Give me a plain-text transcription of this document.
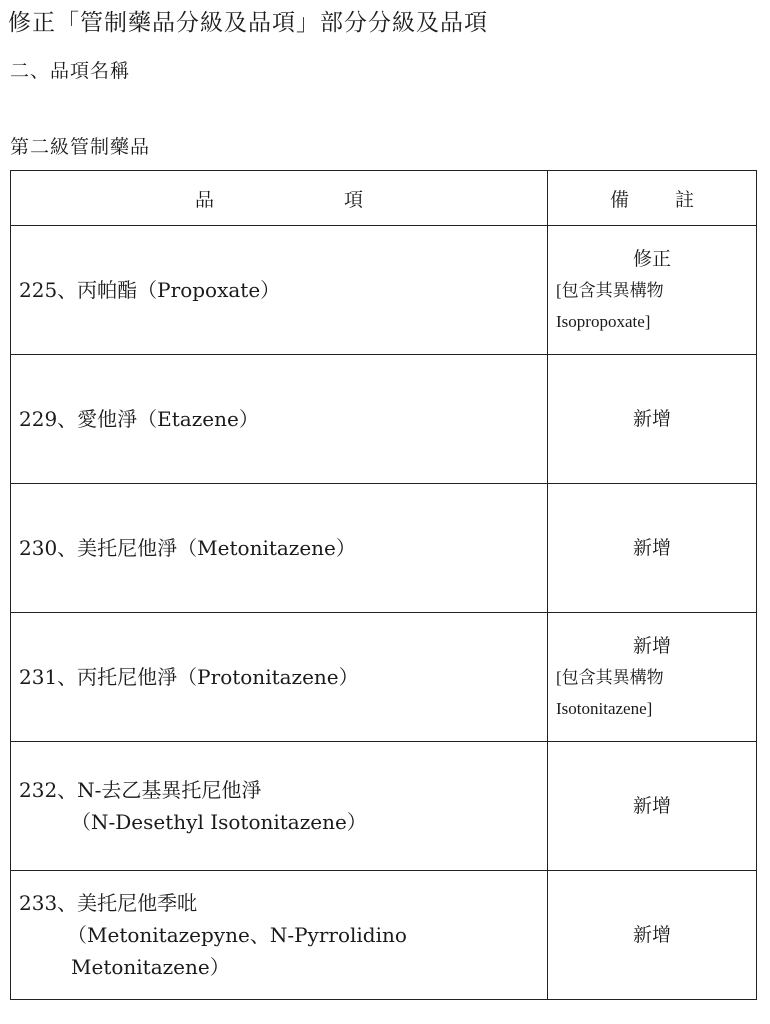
修正「管制藥品分級及品項」部分分級及品項
二、品項名稱
第二級管制藥品
品 項	備 註

225、丙帕酯（Propoxate）	修正
[包含其異構物
Isopropoxate]

229、愛他淨（Etazene）	新增

230、美托尼他淨（Metonitazene）	新增

231、丙托尼他淨（Protonitazene）	新增
[包含其異構物
Isotonitazene]

232、N-去乙基異托尼他淨
（N-Desethyl Isotonitazene）	新增

233、美托尼他季吡
（Metonitazepyne、N-Pyrrolidino
Metonitazene）	新增
